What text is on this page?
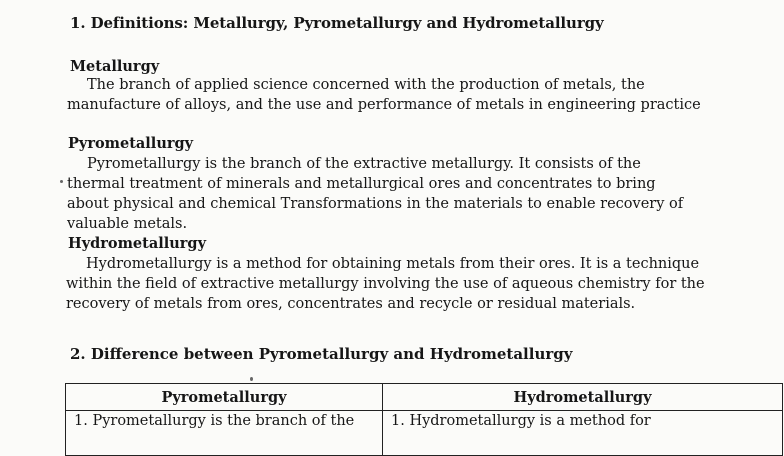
1. Definitions: Metallurgy, Pyrometallurgy and Hydrometallurgy
Metallurgy
The branch of applied science concerned with the production of metals, the manufacture of alloys, and the use and performance of metals in engineering practice
Pyrometallurgy
Pyrometallurgy is the branch of the extractive metallurgy. It consists of the thermal treatment of minerals and metallurgical ores and concentrates to bring about physical and chemical Transformations in the materials to enable recovery of valuable metals.
Hydrometallurgy
Hydrometallurgy is a method for obtaining metals from their ores. It is a technique within the field of extractive metallurgy involving the use of aqueous chemistry for the recovery of metals from ores, concentrates and recycle or residual materials.
2. Difference between Pyrometallurgy and Hydrometallurgy
Pyrometallurgy	Hydrometallurgy
1. Pyrometallurgy is the branch of the	1. Hydrometallurgy is a method for
